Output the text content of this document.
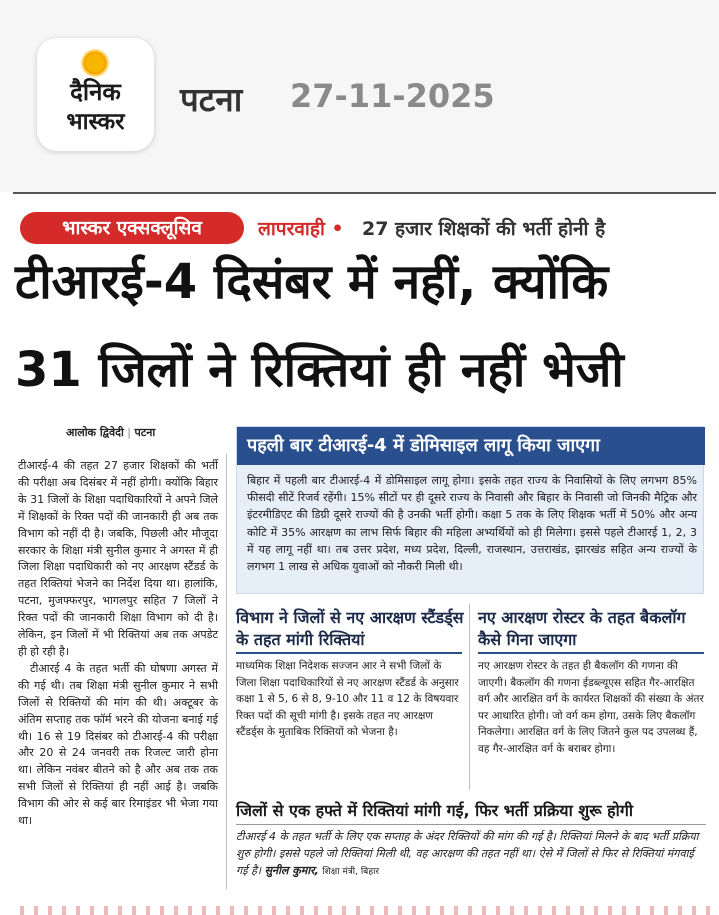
दैनिक
भास्कर
पटना 27-11-2025
भास्कर एक्सक्लूसिव	लापरवाही • 27 हजार शिक्षकों की भर्ती होनी है
टीआरई-4 दिसंबर में नहीं, क्योंकि
31 जिलों ने रिक्तियां ही नहीं भेजी
आलोक द्विवेदी | पटना

टीआरई-4 की तहत 27 हजार शिक्षकों की भर्ती की परीक्षा अब दिसंबर में नहीं होगी। क्योंकि बिहार के 31 जिलों के शिक्षा पदाधिकारियों ने अपने जिले में शिक्षकों के रिक्त पदों की जानकारी ही अब तक विभाग को नहीं दी है। जबकि, पिछली और मौजूदा सरकार के शिक्षा मंत्री सुनील कुमार ने अगस्त में ही जिला शिक्षा पदाधिकारी को नए आरक्षण स्टैंडर्ड के तहत रिक्तियां भेजने का निर्देश दिया था। हालांकि, पटना, मुजफ्फरपुर, भागलपुर सहित 7 जिलों ने रिक्त पदों की जानकारी शिक्षा विभाग को दी है। लेकिन, इन जिलों में भी रिक्तियां अब तक अपडेट ही हो रही है।

टीआरई 4 के तहत भर्ती की घोषणा अगस्त में की गई थी। तब शिक्षा मंत्री सुनील कुमार ने सभी जिलों से रिक्तियों की मांग की थी। अक्टूबर के अंतिम सप्ताह तक फॉर्म भरने की योजना बनाई गई थी। 16 से 19 दिसंबर को टीआरई-4 की परीक्षा और 20 से 24 जनवरी तक रिजल्ट जारी होना था। लेकिन नवंबर बीतने को है और अब तक तक सभी जिलों से रिक्तियां ही नहीं आई है। जबकि विभाग की ओर से कई बार रिमाइंडर भी भेजा गया था।

पहली बार टीआरई-4 में डोमिसाइल लागू किया जाएगा
बिहार में पहली बार टीआरई-4 में डोमिसाइल लागू होगा। इसके तहत राज्य के निवासियों के लिए लगभग 85% फीसदी सीटें रिजर्व रहेंगी। 15% सीटों पर ही दूसरे राज्य के निवासी और बिहार के निवासी जो जिनकी मैट्रिक और इंटरमीडिएट की डिग्री दूसरे राज्यों की है उनकी भर्ती होगी। कक्षा 5 तक के लिए शिक्षक भर्ती में 50% और अन्य कोटि में 35% आरक्षण का लाभ सिर्फ बिहार की महिला अभ्यर्थियों को ही मिलेगा। इससे पहले टीआरई 1, 2, 3 में यह लागू नहीं था। तब उत्तर प्रदेश, मध्य प्रदेश, दिल्ली, राजस्थान, उत्तराखंड, झारखंड सहित अन्य राज्यों के लगभग 1 लाख से अधिक युवाओं को नौकरी मिली थी।
विभाग ने जिलों से नए आरक्षण स्टैंडर्ड्स के तहत मांगी रिक्तियां
माध्यमिक शिक्षा निदेशक सज्जन आर ने सभी जिलों के जिला शिक्षा पदाधिकारियों से नए आरक्षण स्टैंडर्ड के अनुसार कक्षा 1 से 5, 6 से 8, 9-10 और 11 व 12 के विषयवार रिक्त पदों की सूची मांगी है। इसके तहत नए आरक्षण स्टैंडर्ड्स के मुताबिक रिक्तियों को भेजना है।
नए आरक्षण रोस्टर के तहत बैकलॉग कैसे गिना जाएगा
नए आरक्षण रोस्टर के तहत ही बैकलॉग की गणना की जाएगी। बैकलॉग की गणना ईडब्ल्यूएस सहित गैर-आरक्षित वर्ग और आरक्षित वर्ग के कार्यरत शिक्षकों की संख्या के अंतर पर आधारित होगी। जो वर्ग कम होगा, उसके लिए बैकलॉग निकलेगा। आरक्षित वर्ग के लिए जितने कुल पद उपलब्ध हैं, वह गैर-आरक्षित वर्ग के बराबर होगा।
जिलों से एक हफ्ते में रिक्तियां मांगी गई, फिर भर्ती प्रक्रिया शुरू होगी
टीआरई 4 के तहत भर्ती के लिए एक सप्ताह के अंदर रिक्तियों की मांग की गई है। रिक्तियां मिलने के बाद भर्ती प्रक्रिया शुरु होगी। इससे पहले जो रिक्तियां मिली थी, वह आरक्षण की तहत नहीं था। ऐसे में जिलों से फिर से रिक्तियां मंगवाई गई है। सुनील कुमार, शिक्षा मंत्री, बिहार
